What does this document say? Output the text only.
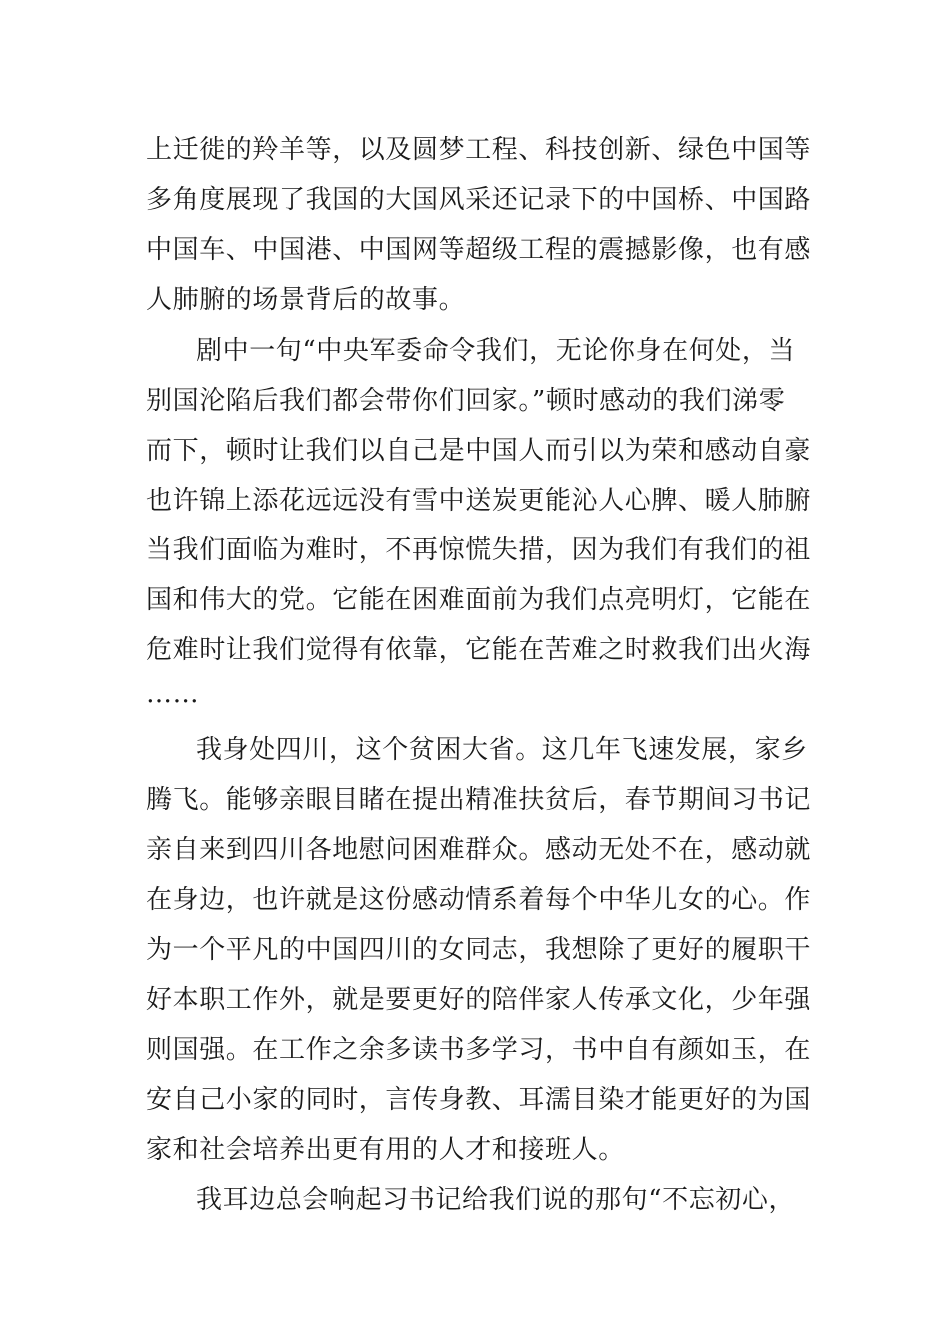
上迁徙的羚羊等，以及圆梦工程、科技创新、绿色中国等
多角度展现了我国的大国风采还记录下的中国桥、中国路
中国车、中国港、中国网等超级工程的震撼影像，也有感
人肺腑的场景背后的故事。
剧中一句“中央军委命令我们，无论你身在何处，当
别国沦陷后我们都会带你们回家。”顿时感动的我们涕零
而下，顿时让我们以自己是中国人而引以为荣和感动自豪
也许锦上添花远远没有雪中送炭更能沁人心脾、暖人肺腑
当我们面临为难时，不再惊慌失措，因为我们有我们的祖
国和伟大的党。它能在困难面前为我们点亮明灯，它能在
危难时让我们觉得有依靠，它能在苦难之时救我们出火海
……
我身处四川，这个贫困大省。这几年飞速发展，家乡
腾飞。能够亲眼目睹在提出精准扶贫后，春节期间习书记
亲自来到四川各地慰问困难群众。感动无处不在，感动就
在身边，也许就是这份感动情系着每个中华儿女的心。作
为一个平凡的中国四川的女同志，我想除了更好的履职干
好本职工作外，就是要更好的陪伴家人传承文化，少年强
则国强。在工作之余多读书多学习，书中自有颜如玉，在
安自己小家的同时，言传身教、耳濡目染才能更好的为国
家和社会培养出更有用的人才和接班人。
我耳边总会响起习书记给我们说的那句“不忘初心，
